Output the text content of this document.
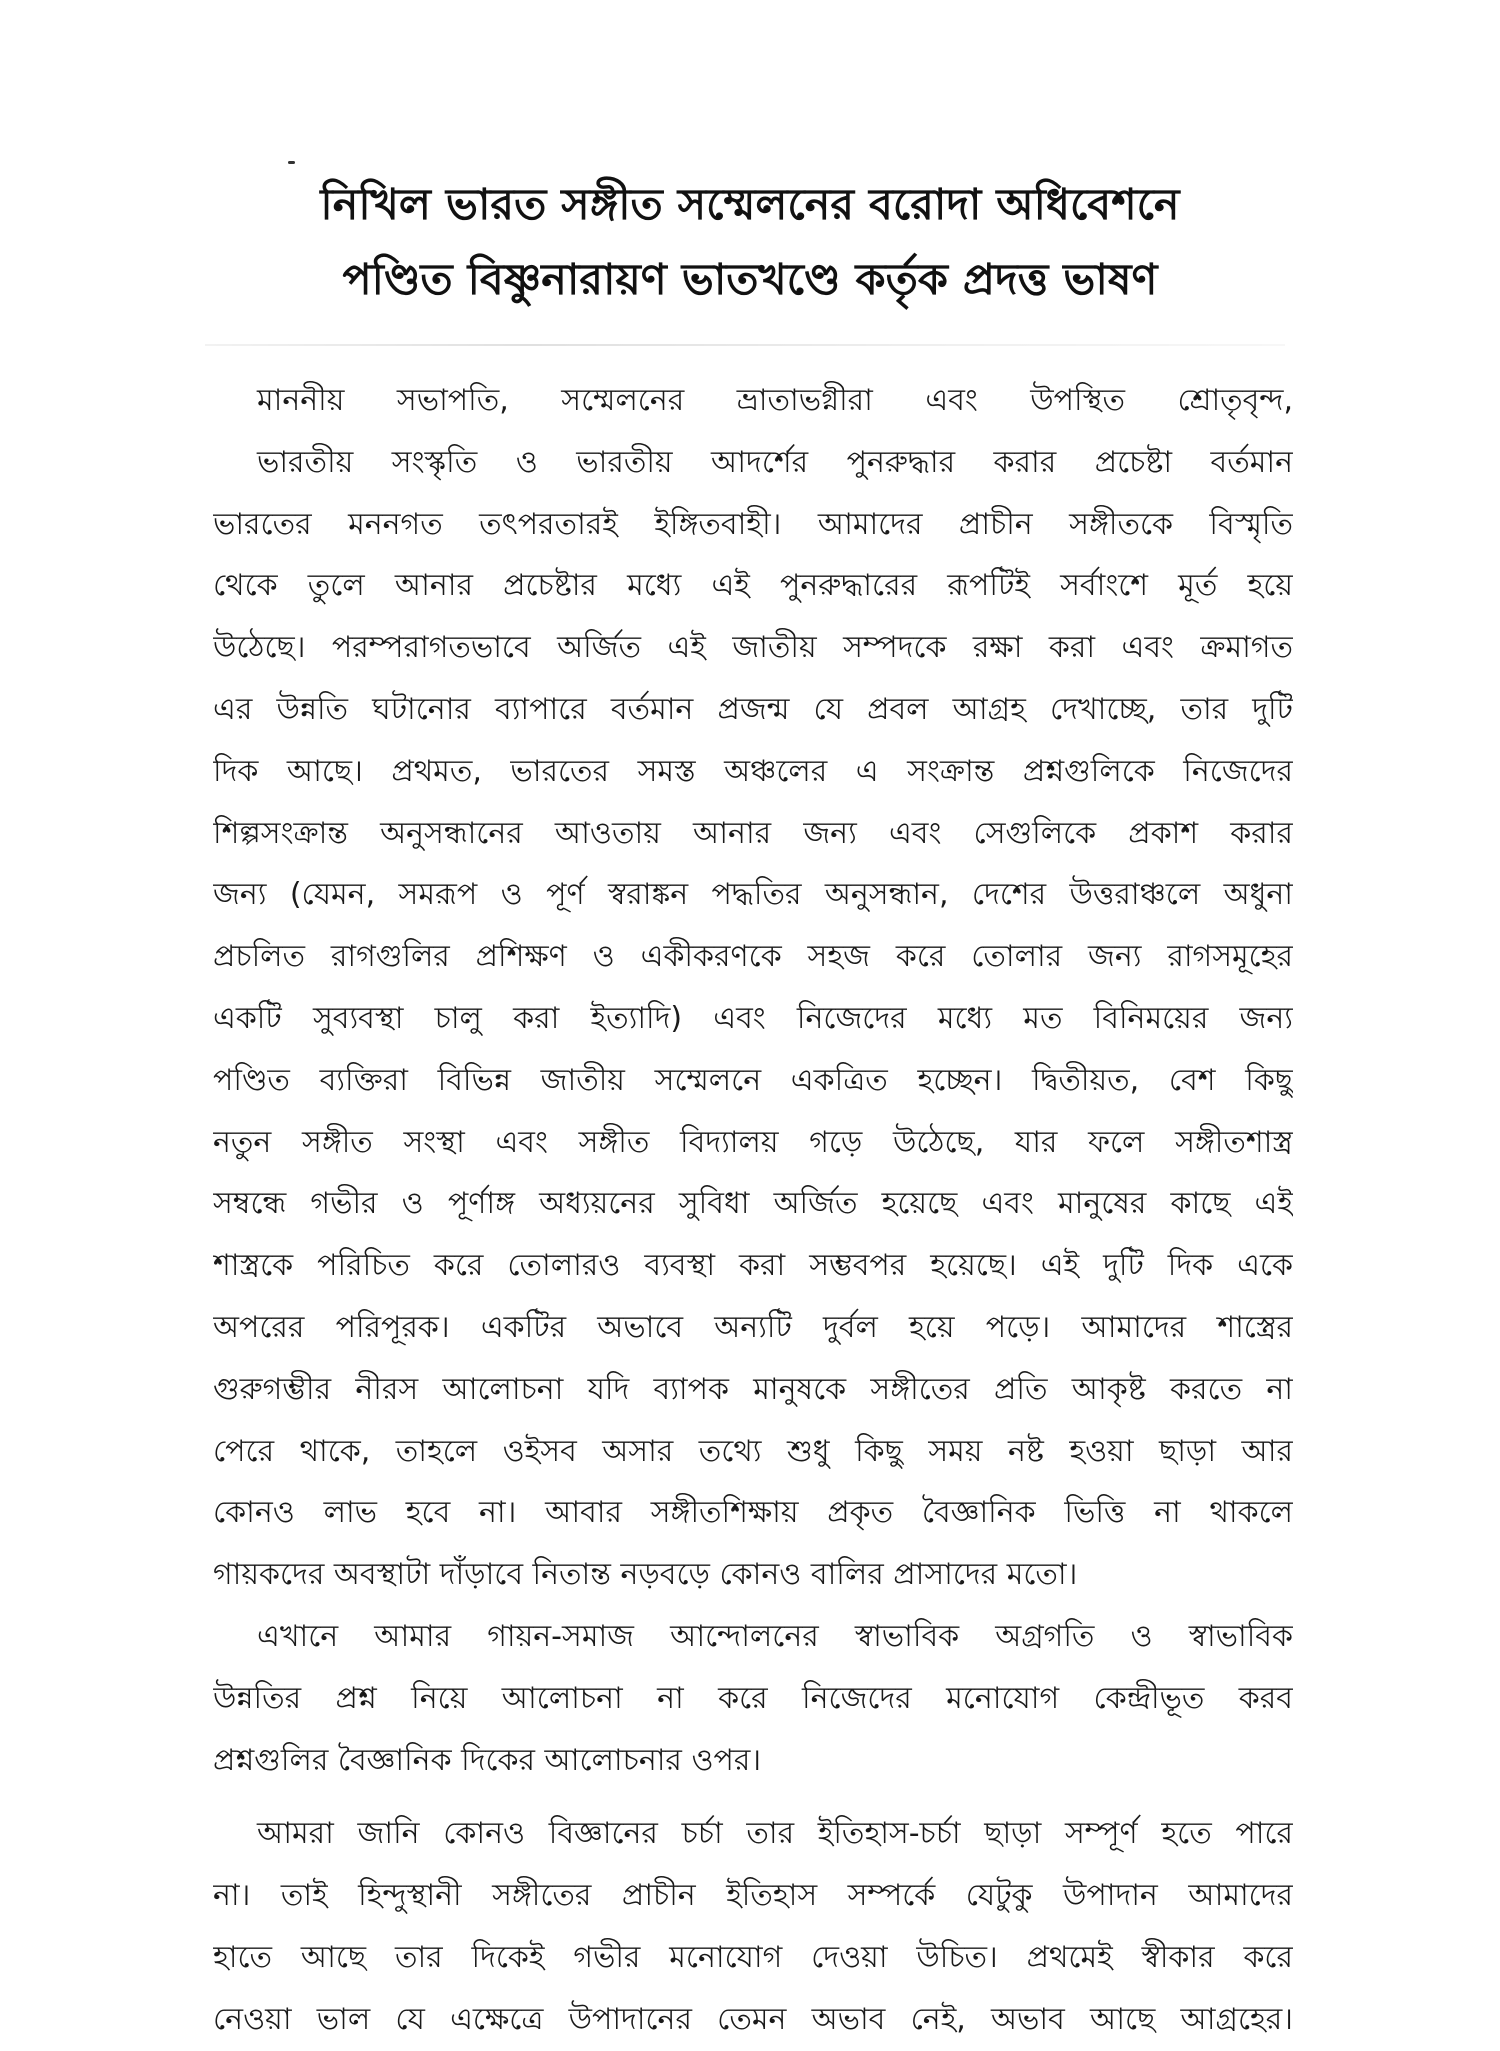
নিখিল ভারত সঙ্গীত সম্মেলনের বরোদা অধিবেশনে
পণ্ডিত বিষ্ণুনারায়ণ ভাতখণ্ডে কর্তৃক প্রদত্ত ভাষণ
মাননীয় সভাপতি, সম্মেলনের ভ্রাতাভগ্নীরা এবং উপস্থিত শ্রোতৃবৃন্দ,
ভারতীয় সংস্কৃতি ও ভারতীয় আদর্শের পুনরুদ্ধার করার প্রচেষ্টা বর্তমান
ভারতের মননগত তৎপরতারই ইঙ্গিতবাহী। আমাদের প্রাচীন সঙ্গীতকে বিস্মৃতি
থেকে তুলে আনার প্রচেষ্টার মধ্যে এই পুনরুদ্ধারের রূপটিই সর্বাংশে মূর্ত হয়ে
উঠেছে। পরম্পরাগতভাবে অর্জিত এই জাতীয় সম্পদকে রক্ষা করা এবং ক্রমাগত
এর উন্নতি ঘটানোর ব্যাপারে বর্তমান প্রজন্ম যে প্রবল আগ্রহ দেখাচ্ছে, তার দুটি
দিক আছে। প্রথমত, ভারতের সমস্ত অঞ্চলের এ সংক্রান্ত প্রশ্নগুলিকে নিজেদের
শিল্পসংক্রান্ত অনুসন্ধানের আওতায় আনার জন্য এবং সেগুলিকে প্রকাশ করার
জন্য (যেমন, সমরূপ ও পূর্ণ স্বরাঙ্কন পদ্ধতির অনুসন্ধান, দেশের উত্তরাঞ্চলে অধুনা
প্রচলিত রাগগুলির প্রশিক্ষণ ও একীকরণকে সহজ করে তোলার জন্য রাগসমূহের
একটি সুব্যবস্থা চালু করা ইত্যাদি) এবং নিজেদের মধ্যে মত বিনিময়ের জন্য
পণ্ডিত ব্যক্তিরা বিভিন্ন জাতীয় সম্মেলনে একত্রিত হচ্ছেন। দ্বিতীয়ত, বেশ কিছু
নতুন সঙ্গীত সংস্থা এবং সঙ্গীত বিদ্যালয় গড়ে উঠেছে, যার ফলে সঙ্গীতশাস্ত্র
সম্বন্ধে গভীর ও পূর্ণাঙ্গ অধ্যয়নের সুবিধা অর্জিত হয়েছে এবং মানুষের কাছে এই
শাস্ত্রকে পরিচিত করে তোলারও ব্যবস্থা করা সম্ভবপর হয়েছে। এই দুটি দিক একে
অপরের পরিপূরক। একটির অভাবে অন্যটি দুর্বল হয়ে পড়ে। আমাদের শাস্ত্রের
গুরুগম্ভীর নীরস আলোচনা যদি ব্যাপক মানুষকে সঙ্গীতের প্রতি আকৃষ্ট করতে না
পেরে থাকে, তাহলে ওইসব অসার তথ্যে শুধু কিছু সময় নষ্ট হওয়া ছাড়া আর
কোনও লাভ হবে না। আবার সঙ্গীতশিক্ষায় প্রকৃত বৈজ্ঞানিক ভিত্তি না থাকলে
গায়কদের অবস্থাটা দাঁড়াবে নিতান্ত নড়বড়ে কোনও বালির প্রাসাদের মতো।
এখানে আমার গায়ন-সমাজ আন্দোলনের স্বাভাবিক অগ্রগতি ও স্বাভাবিক
উন্নতির প্রশ্ন নিয়ে আলোচনা না করে নিজেদের মনোযোগ কেন্দ্রীভূত করব
প্রশ্নগুলির বৈজ্ঞানিক দিকের আলোচনার ওপর।
আমরা জানি কোনও বিজ্ঞানের চর্চা তার ইতিহাস-চর্চা ছাড়া সম্পূর্ণ হতে পারে
না। তাই হিন্দুস্থানী সঙ্গীতের প্রাচীন ইতিহাস সম্পর্কে যেটুকু উপাদান আমাদের
হাতে আছে তার দিকেই গভীর মনোযোগ দেওয়া উচিত। প্রথমেই স্বীকার করে
নেওয়া ভাল যে এক্ষেত্রে উপাদানের তেমন অভাব নেই, অভাব আছে আগ্রহের।
